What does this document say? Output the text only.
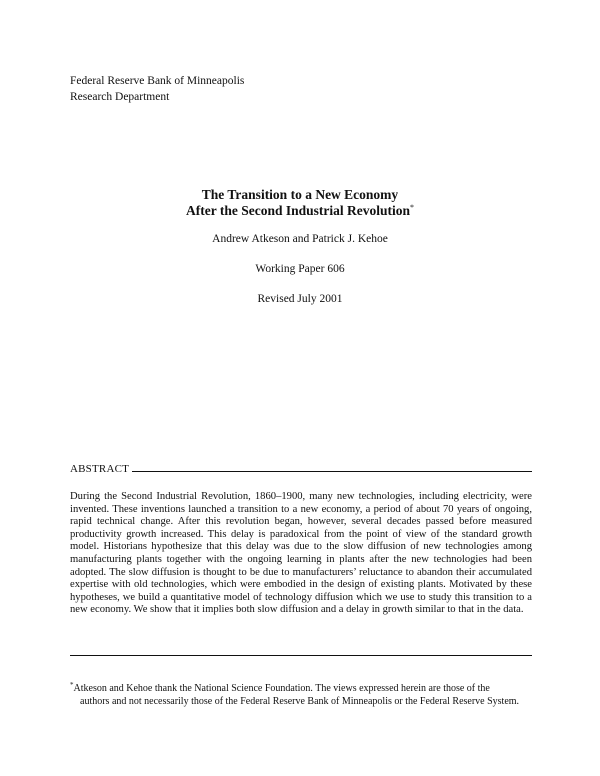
Federal Reserve Bank of Minneapolis
Research Department
The Transition to a New Economy
After the Second Industrial Revolution*
Andrew Atkeson and Patrick J. Kehoe
Working Paper 606
Revised July 2001
ABSTRACT
During the Second Industrial Revolution, 1860–1900, many new technologies, including electricity, were invented. These inventions launched a transition to a new economy, a period of about 70 years of ongoing, rapid technical change. After this revolution began, however, several decades passed before measured productivity growth increased. This delay is paradoxical from the point of view of the standard growth model. Historians hypothesize that this delay was due to the slow diffusion of new technologies among manufacturing plants together with the ongoing learning in plants after the new technologies had been adopted. The slow diffusion is thought to be due to manufacturers’ reluctance to abandon their accumulated expertise with old technologies, which were embodied in the design of existing plants. Motivated by these hypotheses, we build a quantitative model of technology diffusion which we use to study this transition to a new economy. We show that it implies both slow diffusion and a delay in growth similar to that in the data.
*Atkeson and Kehoe thank the National Science Foundation. The views expressed herein are those of the
authors and not necessarily those of the Federal Reserve Bank of Minneapolis or the Federal Reserve System.
